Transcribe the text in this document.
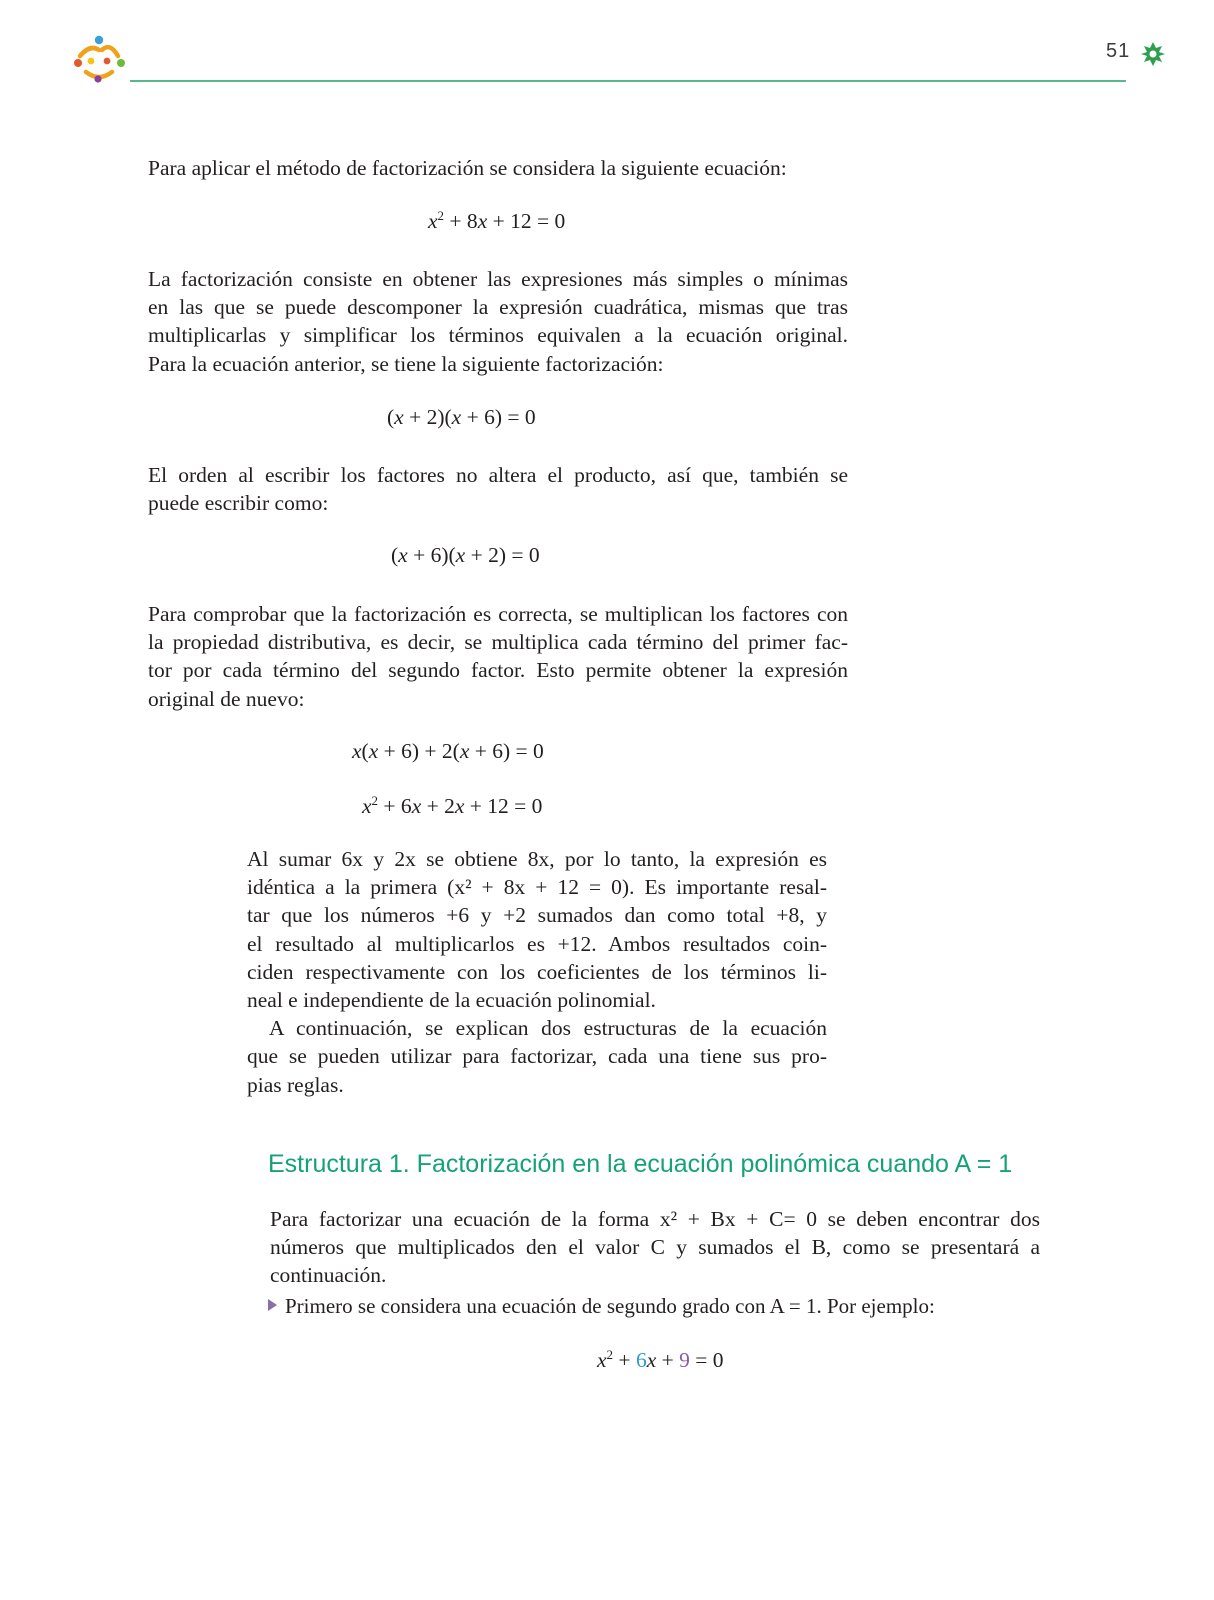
51
Para aplicar el método de factorización se considera la siguiente ecuación:
$x^2 + 8x + 12 = 0$
La factorización consiste en obtener las expresiones más simples o mínimas
en las que se puede descomponer la expresión cuadrática, mismas que tras
multiplicarlas y simplificar los términos equivalen a la ecuación original.
Para la ecuación anterior, se tiene la siguiente factorización:
(x + 2)(x + 6) = 0
El orden al escribir los factores no altera el producto, así que, también se
puede escribir como:
(x + 6)(x + 2) = 0
Para comprobar que la factorización es correcta, se multiplican los factores con
la propiedad distributiva, es decir, se multiplica cada término del primer fac-
tor por cada término del segundo factor. Esto permite obtener la expresión
original de nuevo:
x(x + 6) + 2(x + 6) = 0
$x^2 + 6x + 2x + 12 = 0$
Al sumar 6x y 2x se obtiene 8x, por lo tanto, la expresión es
idéntica a la primera (x² + 8x + 12 = 0). Es importante resal-
tar que los números +6 y +2 sumados dan como total +8, y
el resultado al multiplicarlos es +12. Ambos resultados coin-
ciden respectivamente con los coeficientes de los términos li-
neal e independiente de la ecuación polinomial.
A continuación, se explican dos estructuras de la ecuación
que se pueden utilizar para factorizar, cada una tiene sus pro-
pias reglas.
Estructura 1. Factorización en la ecuación polinómica cuando A = 1
Para factorizar una ecuación de la forma x² + Bx + C= 0 se deben encontrar dos
números que multiplicados den el valor C y sumados el B, como se presentará a
continuación.
Primero se considera una ecuación de segundo grado con A = 1. Por ejemplo:
$x^2 + 6x + 9 = 0$
